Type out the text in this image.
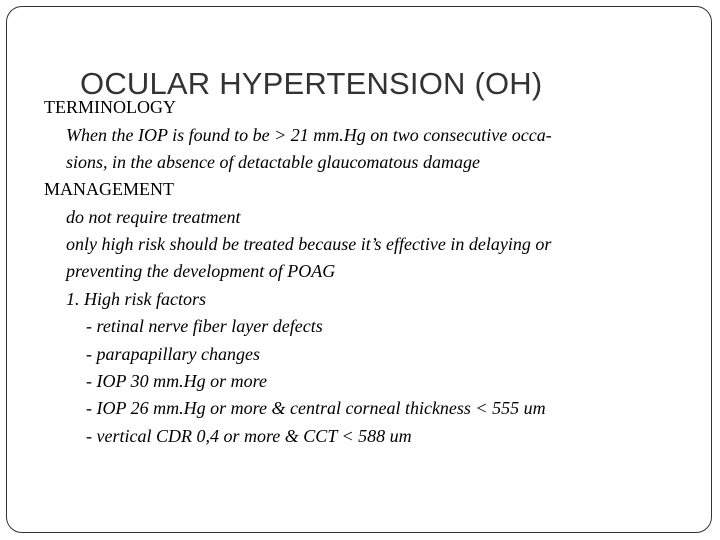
OCULAR HYPERTENSION (OH)
TERMINOLOGY
When the IOP is found to be > 21 mm.Hg on two consecutive occa-
sions, in the absence of detactable glaucomatous damage
MANAGEMENT
do not require treatment
only high risk should be treated because it’s effective in delaying or
preventing the development of POAG
1. High risk factors
- retinal nerve fiber layer defects
- parapapillary changes
- IOP 30 mm.Hg or more
- IOP 26 mm.Hg or more & central corneal thickness < 555 um
- vertical CDR 0,4 or more & CCT < 588 um
